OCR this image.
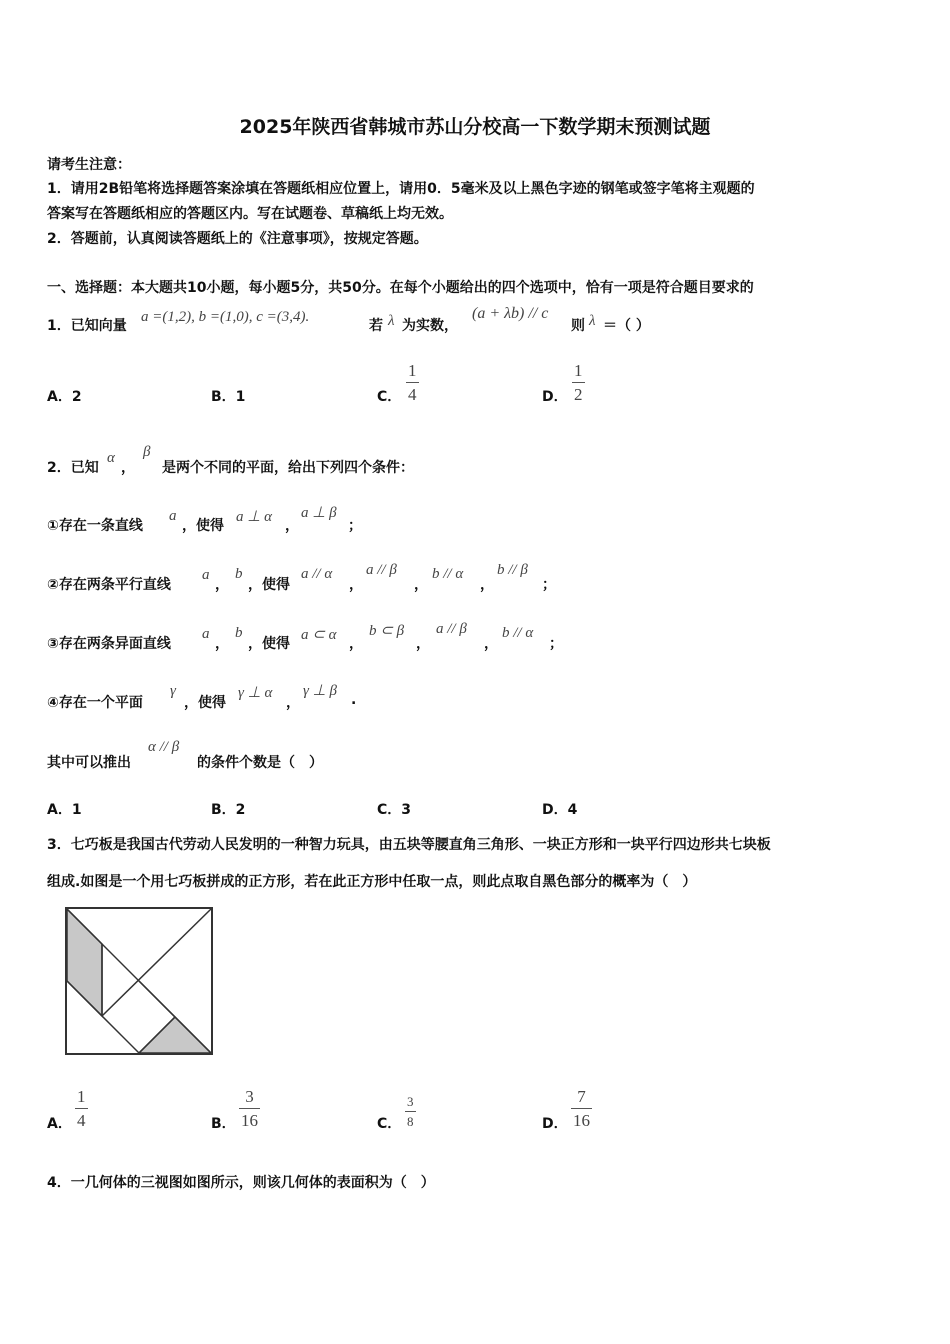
2025年陕西省韩城市苏山分校高一下数学期末预测试题
请考生注意：
1．请用2B铅笔将选择题答案涂填在答题纸相应位置上，请用0．5毫米及以上黑色字迹的钢笔或签字笔将主观题的
答案写在答题纸相应的答题区内。写在试题卷、草稿纸上均无效。
2．答题前，认真阅读答题纸上的《注意事项》，按规定答题。
一、选择题：本大题共10小题，每小题5分，共50分。在每个小题给出的四个选项中，恰有一项是符合题目要求的
1．已知向量
a =(1,2), b =(1,0), c =(3,4).
若 λ 为实数，
(a + λb) // c
则 λ ＝（ ）
A．2	B．1	C．
1
4	D．
1
2
2．已知
α
，
β
是两个不同的平面，给出下列四个条件：
①存在一条直线
a
，使得
a ⊥ α
，
a ⊥ β
；
②存在两条平行直线
a
，
b
，使得
a // α
，
a // β
，
b // α
，
b // β
；
③存在两条异面直线
a
，
b
，使得
a ⊂ α
，
b ⊂ β
，
a // β
，
b // α
；
④存在一个平面
γ
，使得
γ ⊥ α
，
γ ⊥ β
.
其中可以推出
α // β
的条件个数是（　）
A．1	B．2	C．3	D．4
3．七巧板是我国古代劳动人民发明的一种智力玩具，由五块等腰直角三角形、一块正方形和一块平行四边形共七块板
组成.如图是一个用七巧板拼成的正方形，若在此正方形中任取一点，则此点取自黑色部分的概率为（　）
A．
1
4	B．
3
16	C．
3
8	D．
7
16
4．一几何体的三视图如图所示，则该几何体的表面积为（　）
